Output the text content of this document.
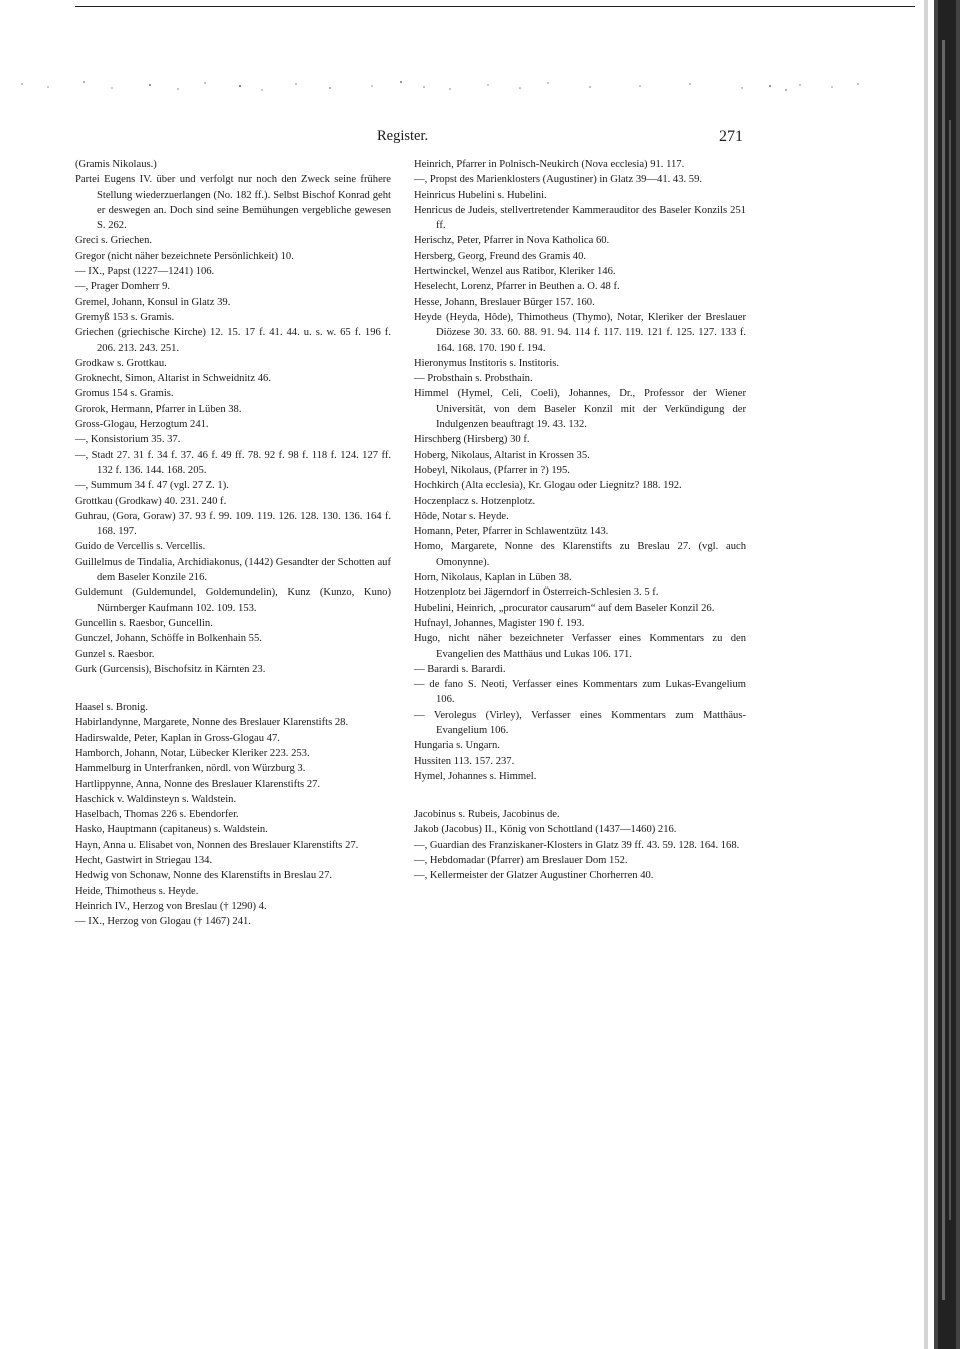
Register.	271
(Gramis Nikolaus.)
Partei Eugens IV. über und verfolgt nur noch den Zweck seine frühere Stellung wiederzuerlangen (No. 182 ff.). Selbst Bischof Konrad geht er deswegen an. Doch sind seine Bemühungen vergebliche gewesen S. 262.
Greci s. Griechen.
Gregor (nicht näher bezeichnete Persönlichkeit) 10.
— IX., Papst (1227—1241) 106.
—, Prager Domherr 9.
Gremel, Johann, Konsul in Glatz 39.
Gremyß 153 s. Gramis.
Griechen (griechische Kirche) 12. 15. 17 f. 41. 44. u. s. w. 65 f. 196 f. 206. 213. 243. 251.
Grodkaw s. Grottkau.
Groknecht, Simon, Altarist in Schweidnitz 46.
Gromus 154 s. Gramis.
Grorok, Hermann, Pfarrer in Lüben 38.
Gross-Glogau, Herzogtum 241.
—, Konsistorium 35. 37.
—, Stadt 27. 31 f. 34 f. 37. 46 f. 49 ff. 78. 92 f. 98 f. 118 f. 124. 127 ff. 132 f. 136. 144. 168. 205.
—, Summum 34 f. 47 (vgl. 27 Z. 1).
Grottkau (Grodkaw) 40. 231. 240 f.
Guhrau, (Gora, Goraw) 37. 93 f. 99. 109. 119. 126. 128. 130. 136. 164 f. 168. 197.
Guido de Vercellis s. Vercellis.
Guillelmus de Tindalia, Archidiakonus, (1442) Gesandter der Schotten auf dem Baseler Konzile 216.
Guldemunt (Guldemundel, Goldemundelin), Kunz (Kunzo, Kuno) Nürnberger Kaufmann 102. 109. 153.
Guncellin s. Raesbor, Guncellin.
Gunczel, Johann, Schöffe in Bolkenhain 55.
Gunzel s. Raesbor.
Gurk (Gurcensis), Bischofsitz in Kärnten 23.
Haasel s. Bronig.
Habirlandynne, Margarete, Nonne des Breslauer Klarenstifts 28.
Hadirswalde, Peter, Kaplan in Gross-Glogau 47.
Hamborch, Johann, Notar, Lübecker Kleriker 223. 253.
Hammelburg in Unterfranken, nördl. von Würzburg 3.
Hartlippynne, Anna, Nonne des Breslauer Klarenstifts 27.
Haschick v. Waldinsteyn s. Waldstein.
Haselbach, Thomas 226 s. Ebendorfer.
Hasko, Hauptmann (capitaneus) s. Waldstein.
Hayn, Anna u. Elisabet von, Nonnen des Breslauer Klarenstifts 27.
Hecht, Gastwirt in Striegau 134.
Hedwig von Schonaw, Nonne des Klarenstifts in Breslau 27.
Heide, Thimotheus s. Heyde.
Heinrich IV., Herzog von Breslau († 1290) 4.
— IX., Herzog von Glogau († 1467) 241.
Heinrich, Pfarrer in Polnisch-Neukirch (Nova ecclesia) 91. 117.
—, Propst des Marienklosters (Augustiner) in Glatz 39—41. 43. 59.
Heinricus Hubelini s. Hubelini.
Henricus de Judeis, stellvertretender Kammerauditor des Baseler Konzils 251 ff.
Herischz, Peter, Pfarrer in Nova Katholica 60.
Hersberg, Georg, Freund des Gramis 40.
Hertwinckel, Wenzel aus Ratibor, Kleriker 146.
Heselecht, Lorenz, Pfarrer in Beuthen a. O. 48 f.
Hesse, Johann, Breslauer Bürger 157. 160.
Heyde (Heyda, Hôde), Thimotheus (Thymo), Notar, Kleriker der Breslauer Diözese 30. 33. 60. 88. 91. 94. 114 f. 117. 119. 121 f. 125. 127. 133 f. 164. 168. 170. 190 f. 194.
Hieronymus Institoris s. Institoris.
— Probsthain s. Probsthain.
Himmel (Hymel, Celi, Coeli), Johannes, Dr., Professor der Wiener Universität, von dem Baseler Konzil mit der Verkündigung der Indulgenzen beauftragt 19. 43. 132.
Hirschberg (Hirsberg) 30 f.
Hoberg, Nikolaus, Altarist in Krossen 35.
Hobeyl, Nikolaus, (Pfarrer in ?) 195.
Hochkirch (Alta ecclesia), Kr. Glogau oder Liegnitz? 188. 192.
Hoczenplacz s. Hotzenplotz.
Hôde, Notar s. Heyde.
Homann, Peter, Pfarrer in Schlawentzütz 143.
Homo, Margarete, Nonne des Klarenstifts zu Breslau 27. (vgl. auch Omonynne).
Horn, Nikolaus, Kaplan in Lüben 38.
Hotzenplotz bei Jägerndorf in Österreich-Schlesien 3. 5 f.
Hubelini, Heinrich, „procurator causarum“ auf dem Baseler Konzil 26.
Hufnayl, Johannes, Magister 190 f. 193.
Hugo, nicht näher bezeichneter Verfasser eines Kommentars zu den Evangelien des Matthäus und Lukas 106. 171.
— Barardi s. Barardi.
— de fano S. Neoti, Verfasser eines Kommentars zum Lukas-Evangelium 106.
— Verolegus (Virley), Verfasser eines Kommentars zum Matthäus-Evangelium 106.
Hungaria s. Ungarn.
Hussiten 113. 157. 237.
Hymel, Johannes s. Himmel.
Jacobinus s. Rubeis, Jacobinus de.
Jakob (Jacobus) II., König von Schottland (1437—1460) 216.
—, Guardian des Franziskaner-Klosters in Glatz 39 ff. 43. 59. 128. 164. 168.
—, Hebdomadar (Pfarrer) am Breslauer Dom 152.
—, Kellermeister der Glatzer Augustiner Chorherren 40.
